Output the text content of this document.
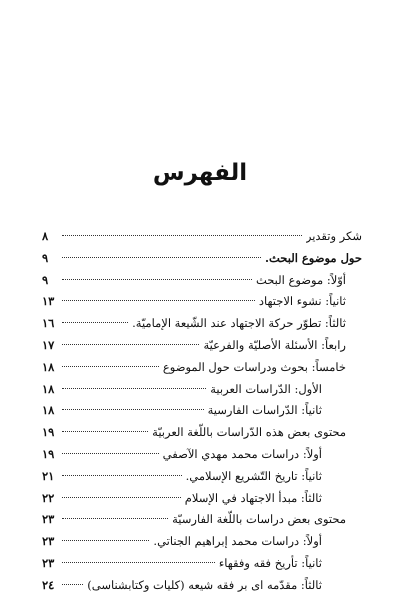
الفهرس
شكر وتقدير
٨
حول موضوع البحث.
٩
أوّلاً: موضوع البحث
٩
ثانياً: نشوء الاجتهاد
١٣
ثالثاً: تطوّر حركة الاجتهاد عند الشّيعة الإماميّة.
١٦
رابعاً: الأسئلة الأصليّة والفرعيّة
١٧
خامساً: بحوث ودراسات حول الموضوع
١٨
الأول: الدّراسات العربية
١٨
ثانياً: الدّراسات الفارسية
١٨
محتوى بعض هذه الدّراسات باللّغة العربيّة
١٩
أولاً: دراسات محمد مهدي الآصفي
١٩
ثانياً: تاريخ التّشريع الإسلامي.
٢١
ثالثاً: مبدأ الاجتهاد في الإسلام
٢٢
محتوى بعض دراسات باللّغة الفارسيّة
٢٣
أولاً: دراسات محمد إبراهيم الجناتي.
٢٣
ثانياً: تأريخ فقه وفقهاء
٢٣
ثالثاً: مقدّمه اى بر فقه شيعه (كليات وكتابشناسى)
٢٤
